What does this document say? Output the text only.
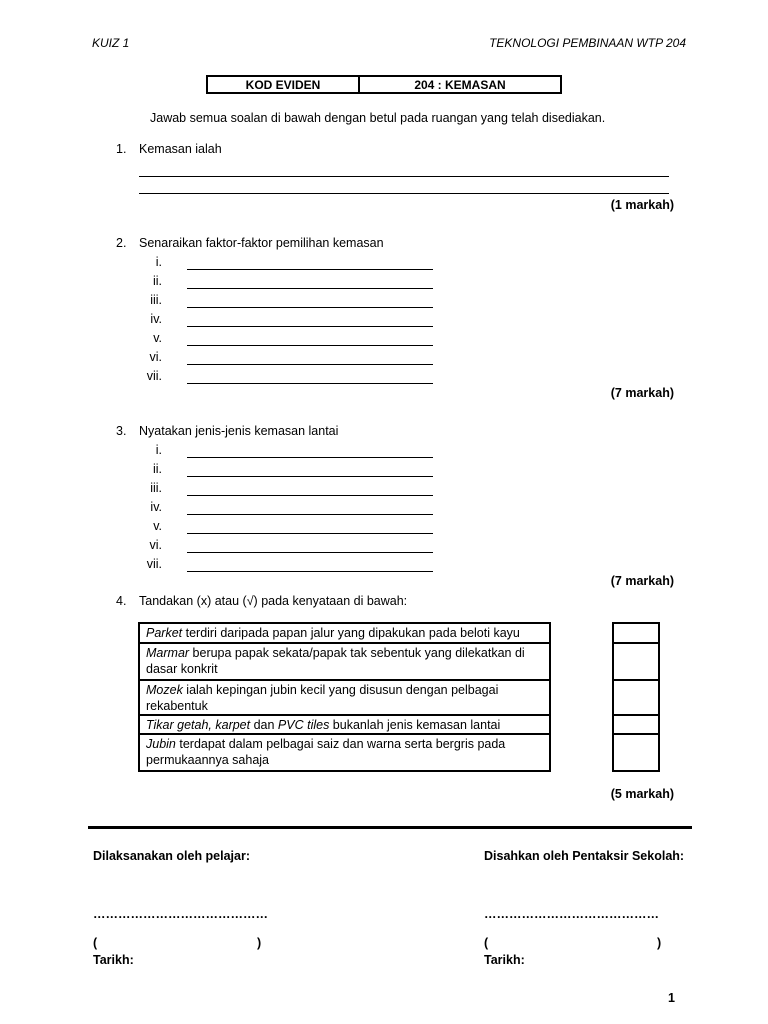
KUIZ 1	TEKNOLOGI PEMBINAAN WTP 204
KOD EVIDEN	204 : KEMASAN
Jawab semua soalan di bawah dengan betul pada ruangan yang telah disediakan.
1. Kemasan ialah
(1 markah)
2. Senaraikan faktor-faktor pemilihan kemasan
i.
ii.
iii.
iv.
v.
vi.
vii.
(7 markah)
3. Nyatakan jenis-jenis kemasan lantai
i.
ii.
iii.
iv.
v.
vi.
vii.
(7 markah)
4. Tandakan (x) atau (√) pada kenyataan di bawah:
Parket terdiri daripada papan jalur yang dipakukan pada beloti kayu
Marmar berupa papak sekata/papak tak sebentuk yang dilekatkan di dasar konkrit
Mozek ialah kepingan jubin kecil yang disusun dengan pelbagai rekabentuk
Tikar getah, karpet dan PVC tiles bukanlah jenis kemasan lantai
Jubin terdapat dalam pelbagai saiz dan warna serta bergris pada permukaannya sahaja
(5 markah)
Dilaksanakan oleh pelajar:	Disahkan oleh Pentaksir Sekolah:
……………………………………	……………………………………
(	)	(	)
Tarikh:	Tarikh:
1
